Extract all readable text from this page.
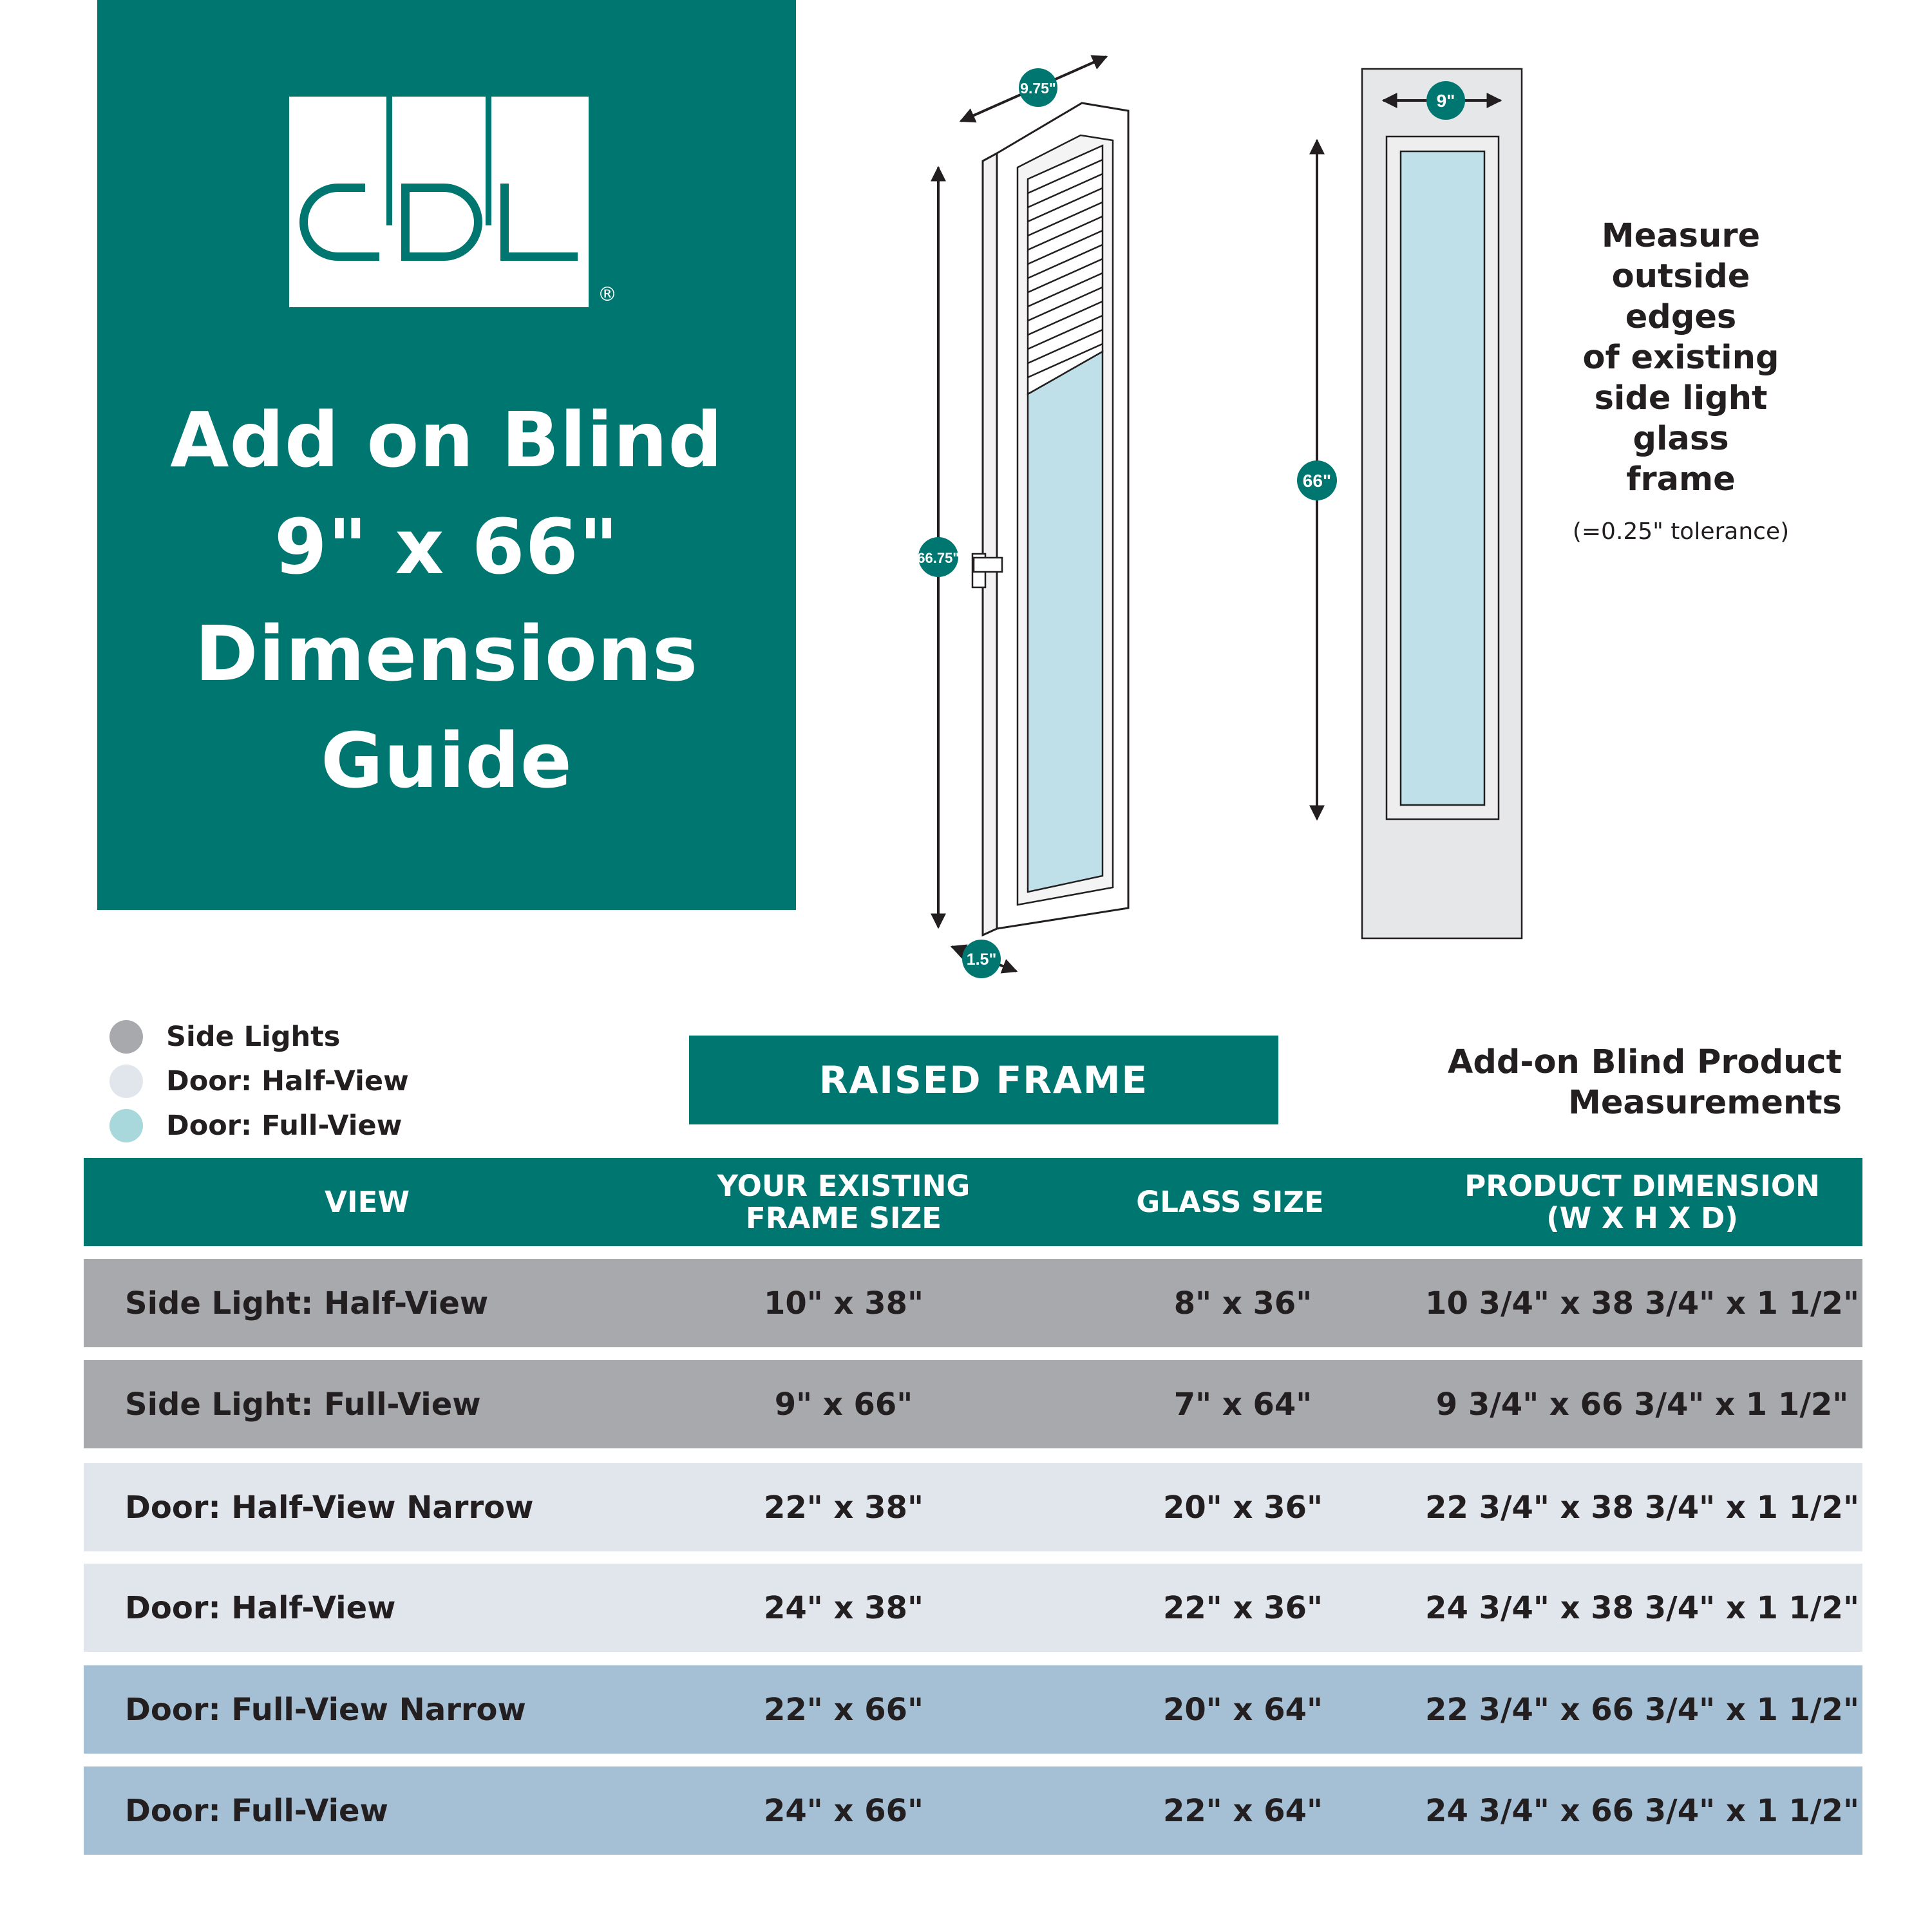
®
Add on Blind
9" x 66"
Dimensions
Guide
9.75"
66.75"
1.5"
9"
66"
Measure
outside
edges
of existing
side light
glass
frame
(=0.25" tolerance)
Side Lights
Door: Half-View
Door: Full-View
RAISED FRAME	Add-on Blind Product
Measurements
VIEW	YOUR EXISTING
FRAME SIZE	GLASS SIZE	PRODUCT DIMENSION
(W X H X D)
Side Light: Half-View	10" x 38"	8" x 36"	10 3/4" x 38 3/4" x 1 1/2"
Side Light: Full-View	9" x 66"	7" x 64"	9 3/4" x 66 3/4" x 1 1/2"
Door: Half-View Narrow	22" x 38"	20" x 36"	22 3/4" x 38 3/4" x 1 1/2"
Door: Half-View	24" x 38"	22" x 36"	24 3/4" x 38 3/4" x 1 1/2"
Door: Full-View Narrow	22" x 66"	20" x 64"	22 3/4" x 66 3/4" x 1 1/2"
Door: Full-View	24" x 66"	22" x 64"	24 3/4" x 66 3/4" x 1 1/2"
